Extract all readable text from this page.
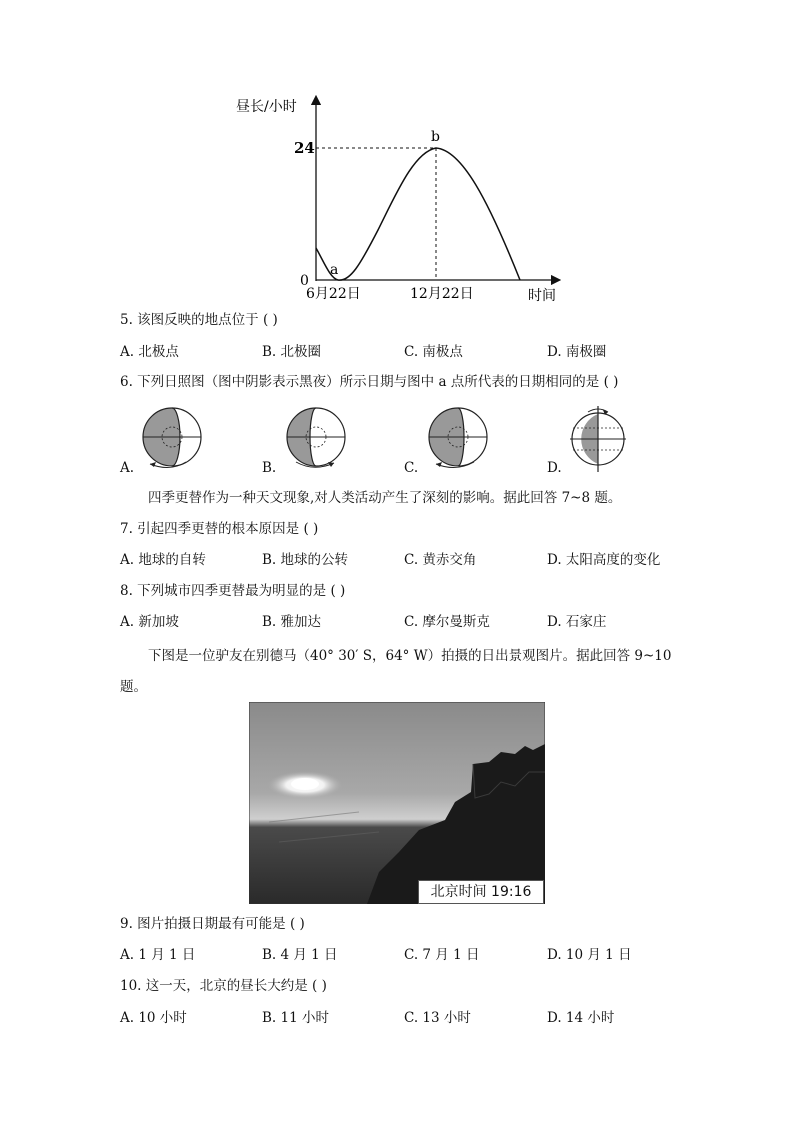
a
b
昼长/小时
24
0
6月22日	12月22日	时间
5. 该图反映的地点位于 ( )
A. 北极点	B. 北极圈	C. 南极点	D. 南极圈
6. 下列日照图（图中阴影表示黑夜）所示日期与图中 a 点所代表的日期相同的是 ( )
A.	B.	C.	D.
四季更替作为一种天文现象,对人类活动产生了深刻的影响。据此回答 7~8 题。
7. 引起四季更替的根本原因是 ( )
A. 地球的自转	B. 地球的公转	C. 黄赤交角	D. 太阳高度的变化
8. 下列城市四季更替最为明显的是 ( )
A. 新加坡	B. 雅加达	C. 摩尔曼斯克	D. 石家庄
下图是一位驴友在别德马（40° 30′ S，64° W）拍摄的日出景观图片。据此回答 9~10
题。
北京时间 19:16
9. 图片拍摄日期最有可能是 ( )
A. 1 月 1 日	B. 4 月 1 日	C. 7 月 1 日	D. 10 月 1 日
10. 这一天，北京的昼长大约是 ( )
A. 10 小时	B. 11 小时	C. 13 小时	D. 14 小时
